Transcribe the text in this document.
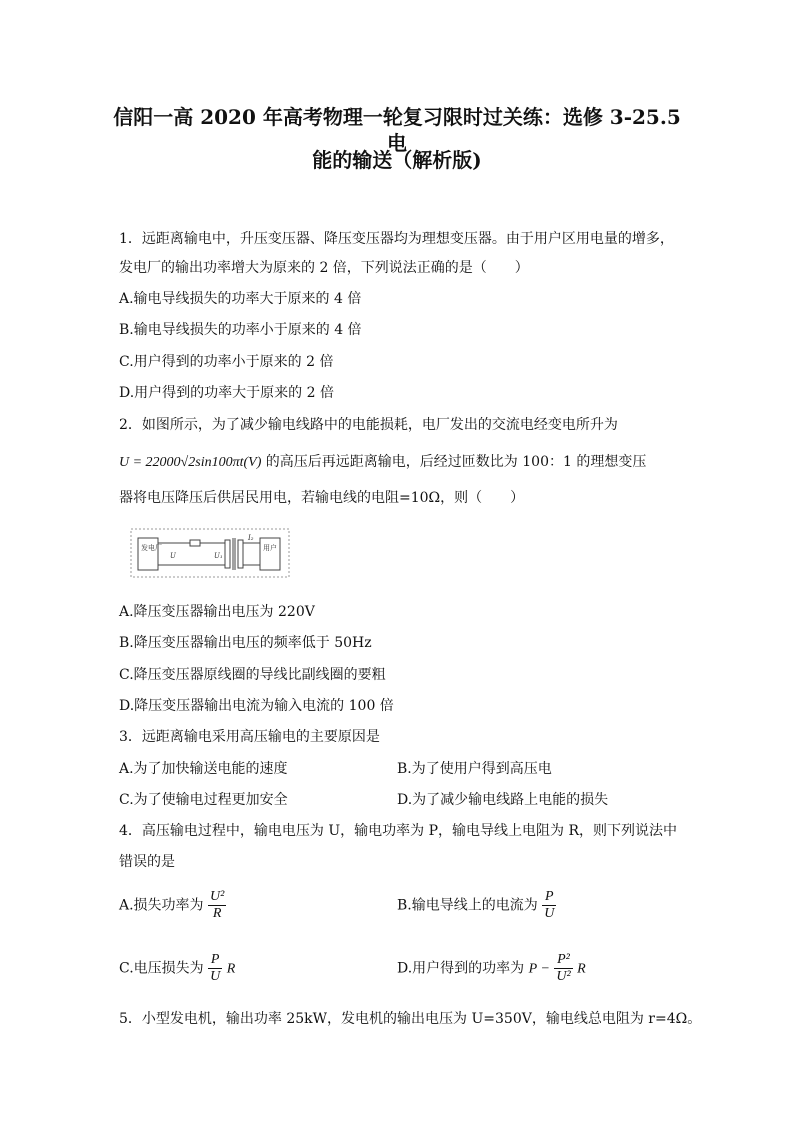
信阳一高 2020 年高考物理一轮复习限时过关练：选修 3-25.5 电
能的输送（解析版)
1．远距离输电中，升压变压器、降压变压器均为理想变压器。由于用户区用电量的增多，
发电厂的输出功率增大为原来的 2 倍，下列说法正确的是（　　）
A.输电导线损失的功率大于原来的 4 倍
B.输电导线损失的功率小于原来的 4 倍
C.用户得到的功率小于原来的 2 倍
D.用户得到的功率大于原来的 2 倍
2．如图所示，为了减少输电线路中的电能损耗，电厂发出的交流电经变电所升为
U = 22000√2sin100πt(V) 的高压后再远距离输电，后经过匝数比为 100：1 的理想变压
器将电压降压后供居民用电，若输电线的电阻=10Ω，则（　　）
发电厂
U	U₁
I₂
用户
A.降压变压器输出电压为 220V
B.降压变压器输出电压的频率低于 50Hz
C.降压变压器原线圈的导线比副线圈的要粗
D.降压变压器输出电流为输入电流的 100 倍
3．远距离输电采用高压输电的主要原因是
A.为了加快输送电能的速度	B.为了使用户得到高压电
C.为了使输电过程更加安全	D.为了减少输电线路上电能的损失
4．高压输电过程中，输电电压为 U，输电功率为 P，输电导线上电阻为 R，则下列说法中
错误的是
A.损失功率为 $\frac{\text{U²}}{R}$	B.输电导线上的电流为 $\frac{P}{U}$
C.电压损失为 $\frac{P}{U}$ R	D.用户得到的功率为 $P - \frac{\text{P²}}{\text{U²}}$ R
5．小型发电机，输出功率 25kW，发电机的输出电压为 U=350V，输电线总电阻为 r=4Ω。
